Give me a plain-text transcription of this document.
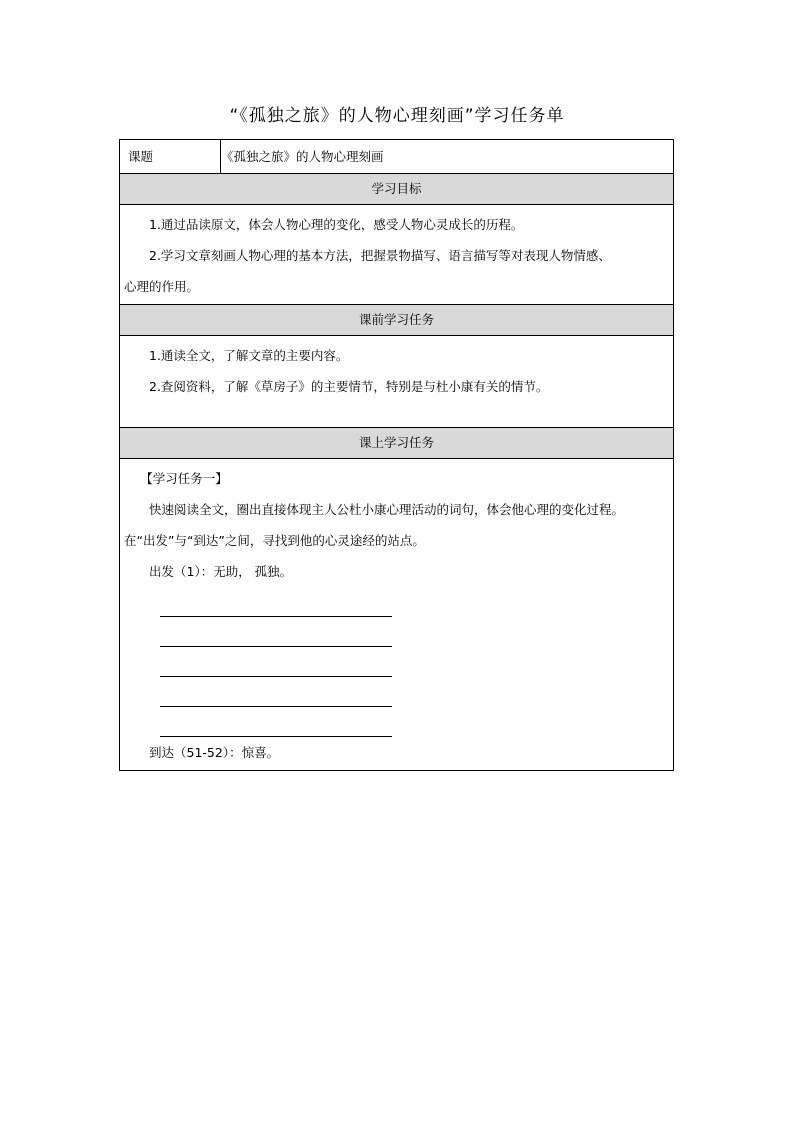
“《孤独之旅》的人物心理刻画”学习任务单
课题	《孤独之旅》的人物心理刻画
学习目标

1.通过品读原文，体会人物心理的变化，感受人物心灵成长的历程。

2.学习文章刻画人物心理的基本方法，把握景物描写、语言描写等对表现人物情感、

心理的作用。

课前学习任务

1.通读全文，了解文章的主要内容。

2.查阅资料，了解《草房子》的主要情节，特别是与杜小康有关的情节。

课上学习任务

【学习任务一】

快速阅读全文，圈出直接体现主人公杜小康心理活动的词句，体会他心理的变化过程。

在“出发”与“到达”之间，寻找到他的心灵途经的站点。

出发（1）：无助， 孤独。

到达（51-52）：惊喜。
